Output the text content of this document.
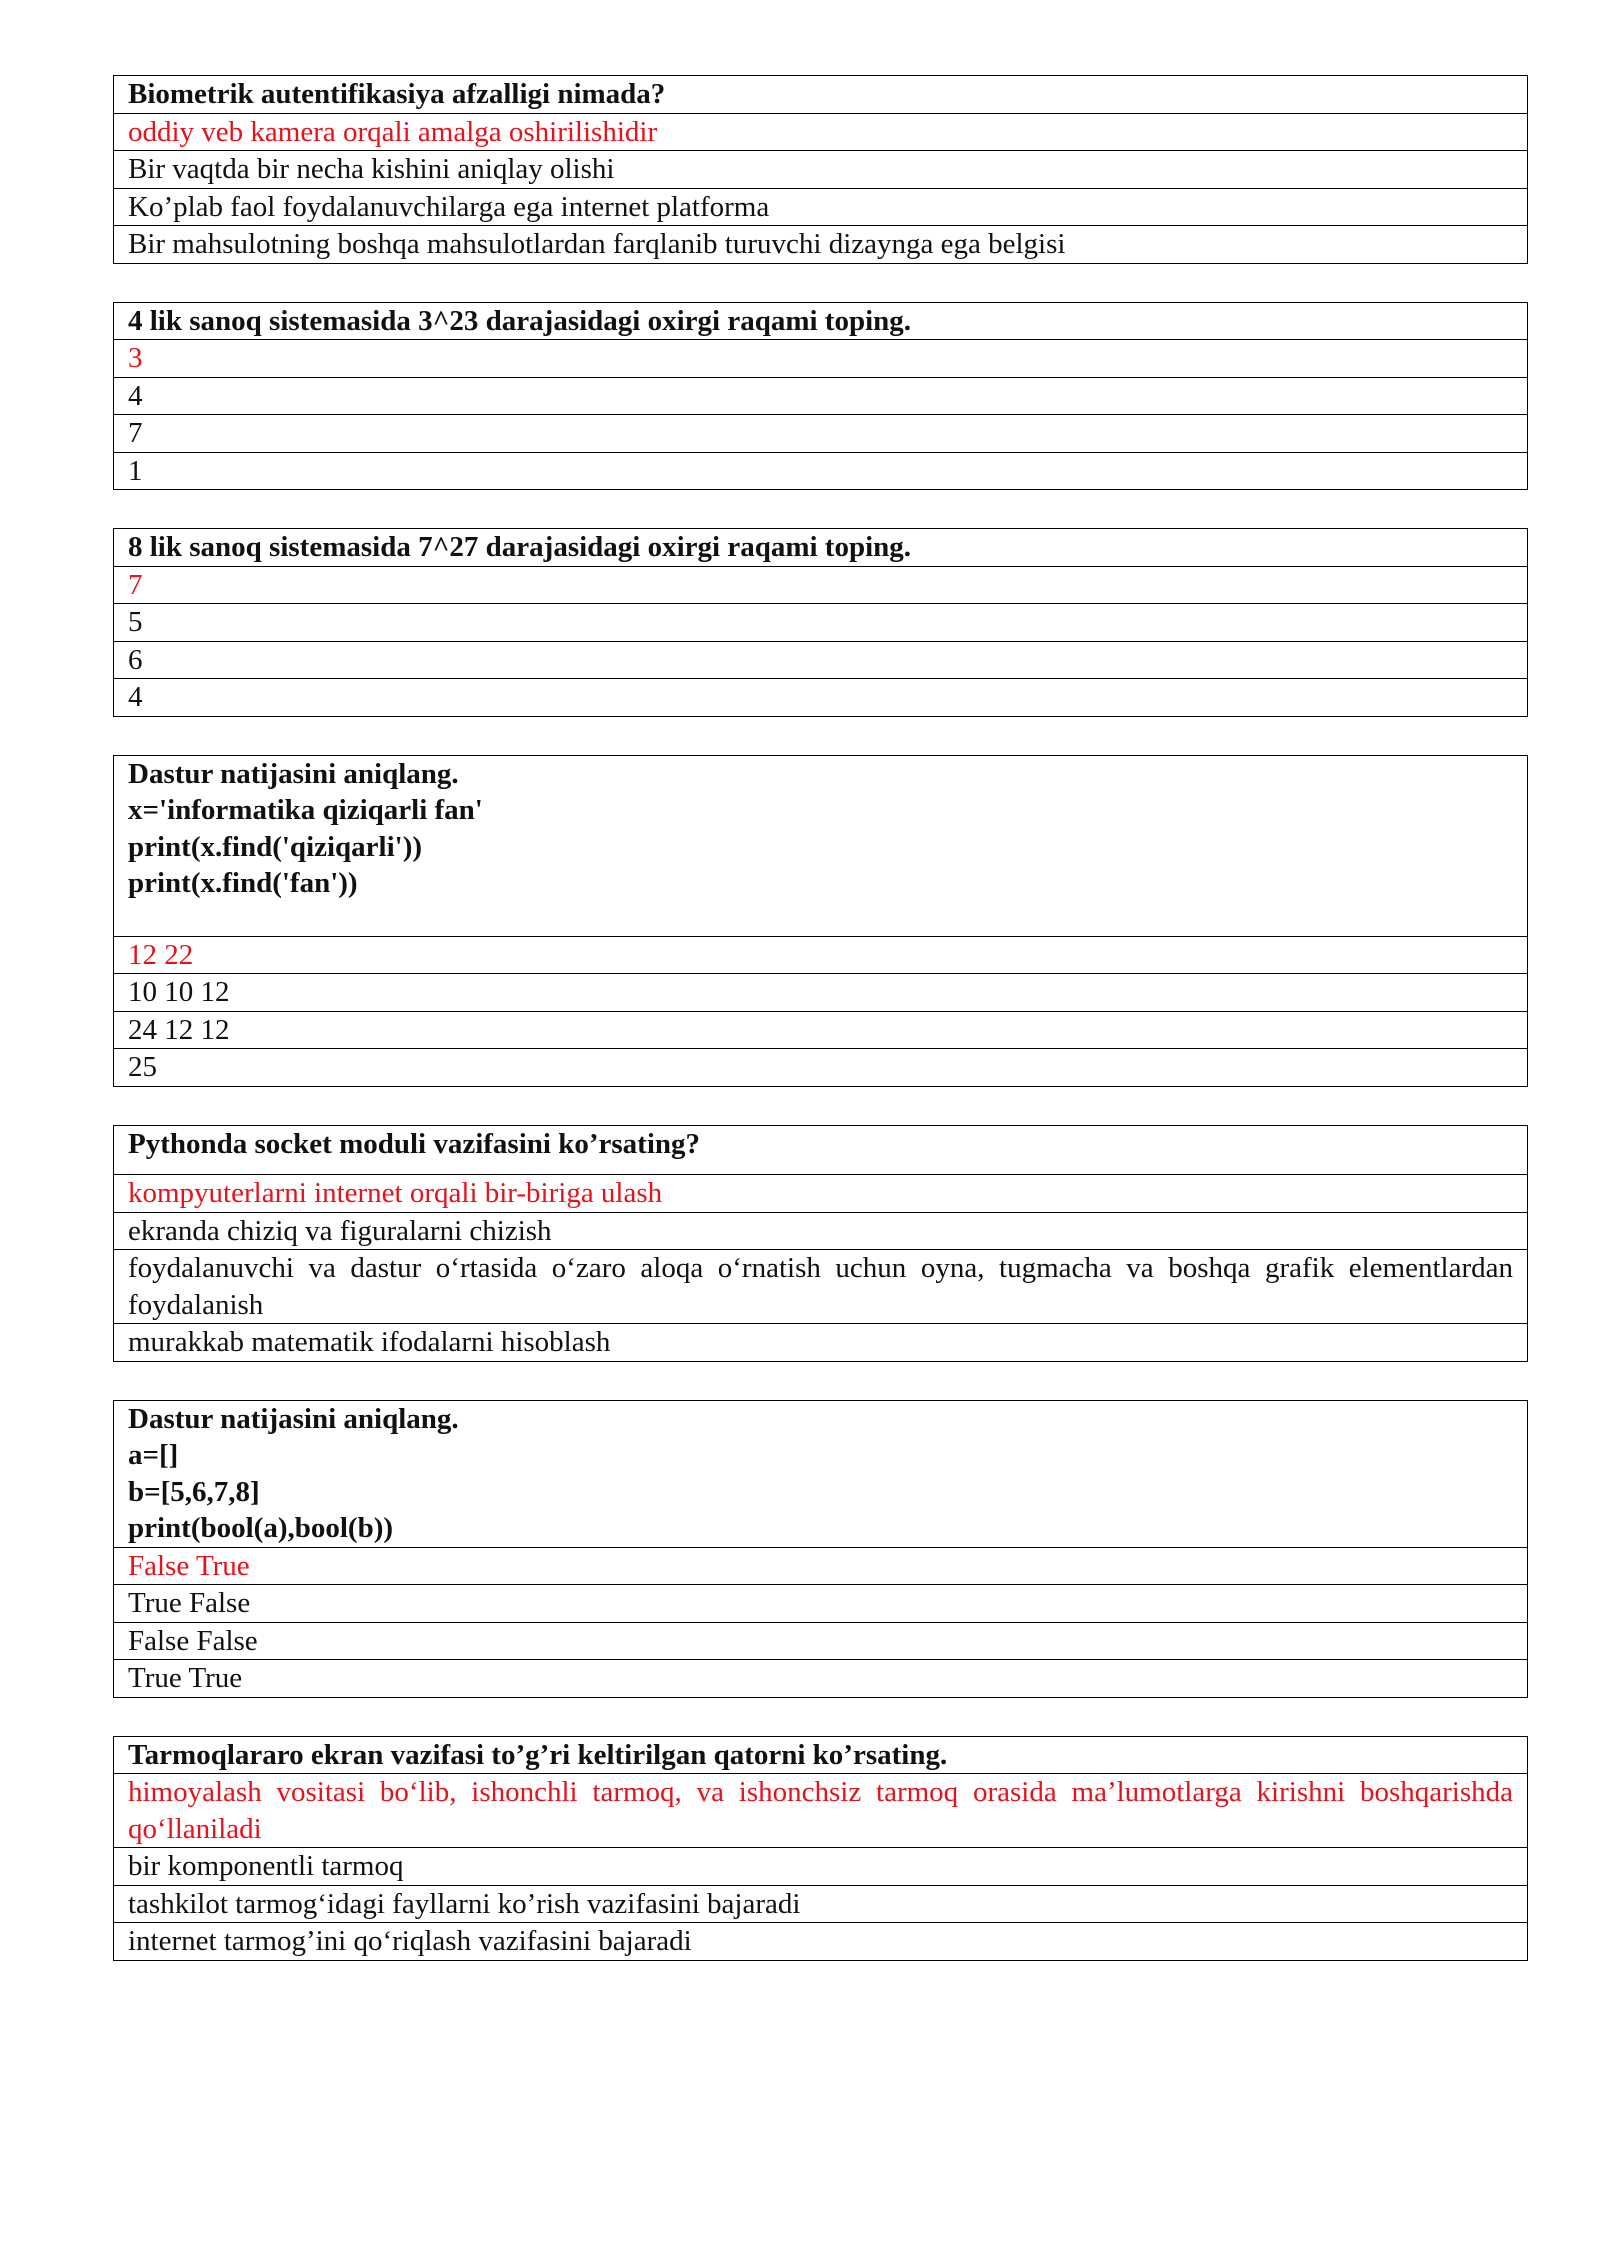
Biometrik autentifikasiya afzalligi nimada?

oddiy veb kamera orqali amalga oshirilishidir
Bir vaqtda bir necha kishini aniqlay olishi
Ko’plab faol foydalanuvchilarga ega internet platforma
Bir mahsulotning boshqa mahsulotlardan farqlanib turuvchi dizaynga ega belgisi
4 lik sanoq sistemasida 3^23 darajasidagi oxirgi raqami toping.

3
4
7
1
8 lik sanoq sistemasida 7^27 darajasidagi oxirgi raqami toping.

7
5
6
4
Dastur natijasini aniqlang.
x='informatika qiziqarli fan'
print(x.find('qiziqarli'))
print(x.find('fan'))

12 22
10 10 12
24 12 12
25
Pythonda socket moduli vazifasini ko’rsating?

kompyuterlarni internet orqali bir-biriga ulash
ekranda chiziq va figuralarni chizish
foydalanuvchi va dastur o‘rtasida o‘zaro aloqa o‘rnatish uchun oyna, tugmacha va boshqa grafik elementlardan foydalanish
murakkab matematik ifodalarni hisoblash
Dastur natijasini aniqlang.
a=[]
b=[5,6,7,8]
print(bool(a),bool(b))

False True
True False
False False
True True
Tarmoqlararo ekran vazifasi to’g’ri keltirilgan qatorni ko’rsating.

himoyalash vositasi bo‘lib, ishonchli tarmoq, va ishonchsiz tarmoq orasida ma’lumotlarga kirishni boshqarishda qo‘llaniladi
bir komponentli tarmoq
tashkilot tarmog‘idagi fayllarni ko’rish vazifasini bajaradi
internet tarmog’ini qo‘riqlash vazifasini bajaradi
